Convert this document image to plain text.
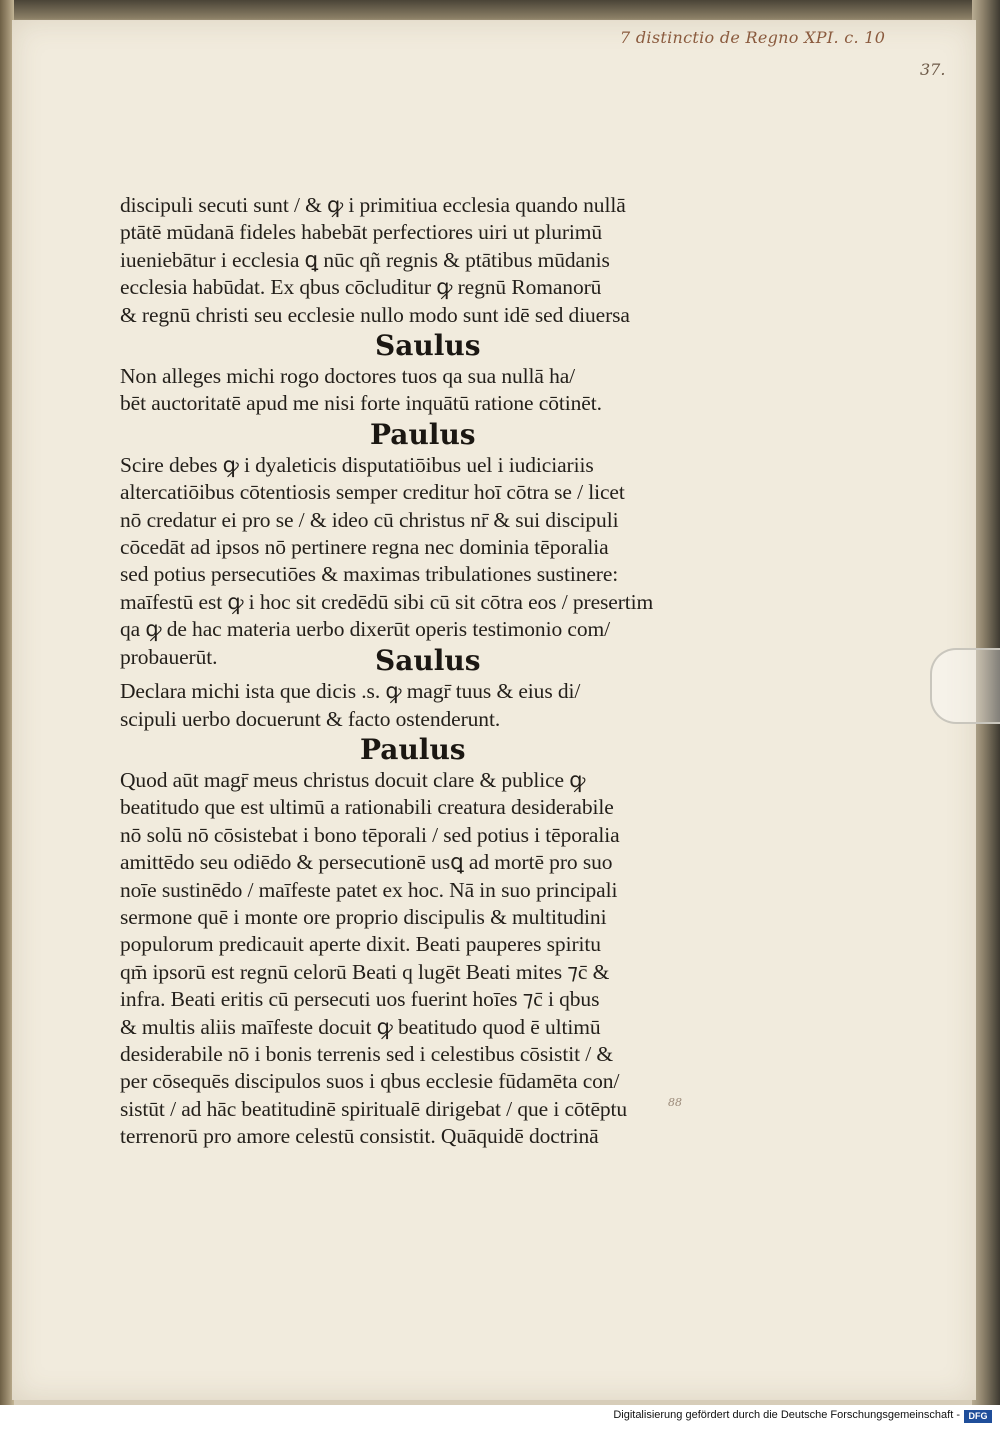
7 distinctio de Regno XPI. c. 10
37.
discipuli secuti sunt / & ꝙ i primitiua ecclesia quando nullā
ptātē mūdanā fideles habebāt perfectiores uiri ut plurimū
iueniebātur i ecclesia ꝗ nūc qñ regnis & ptātibus mūdanis
ecclesia habūdat. Ex qbus cōcluditur ꝙ regnū Romanorū
& regnū christi seu ecclesie nullo modo sunt idē sed diuersa
Saulus
Non alleges michi rogo doctores tuos qa sua nullā ha/
bēt auctoritatē apud me nisi forte inquātū ratione cōtinēt.
Paulus
Scire debes ꝙ i dyaleticis disputatiōibus uel i iudiciariis
altercatiōibus cōtentiosis semper creditur hoī cōtra se / licet
nō credatur ei pro se / & ideo cū christus nr̄ & sui discipuli
cōcedāt ad ipsos nō pertinere regna nec dominia tēporalia
sed potius persecutiōes & maximas tribulationes sustinere:
maīfestū est ꝙ i hoc sit credēdū sibi cū sit cōtra eos / presertim
qa ꝙ de hac materia uerbo dixerūt operis testimonio com/
probauerūt.	Saulus
Declara michi ista que dicis .s. ꝙ magr̄ tuus & eius di/
scipuli uerbo docuerunt & facto ostenderunt.
Paulus
Quod aūt magr̄ meus christus docuit clare & publice ꝙ
beatitudo que est ultimū a rationabili creatura desiderabile
nō solū nō cōsistebat i bono tēporali / sed potius i tēporalia
amittēdo seu odiēdo & persecutionē usꝗ ad mortē pro suo
noīe sustinēdo / maīfeste patet ex hoc. Nā in suo principali
sermone quē i monte ore proprio discipulis & multitudini
populorum predicauit aperte dixit. Beati pauperes spiritu
qm̄ ipsorū est regnū celorū Beati q lugēt Beati mites ⁊c̄ &
infra. Beati eritis cū persecuti uos fuerint hoīes ⁊c̄ i qbus
& multis aliis maīfeste docuit ꝙ beatitudo quod ē ultimū
desiderabile nō i bonis terrenis sed i celestibus cōsistit / &
per cōsequēs discipulos suos i qbus ecclesie fūdamēta con/
sistūt / ad hāc beatitudinē spiritualē dirigebat / que i cōtēptu
terrenorū pro amore celestū consistit. Quāquidē doctrinā
88
Digitalisierung gefördert durch die Deutsche Forschungsgemeinschaft - DFG
